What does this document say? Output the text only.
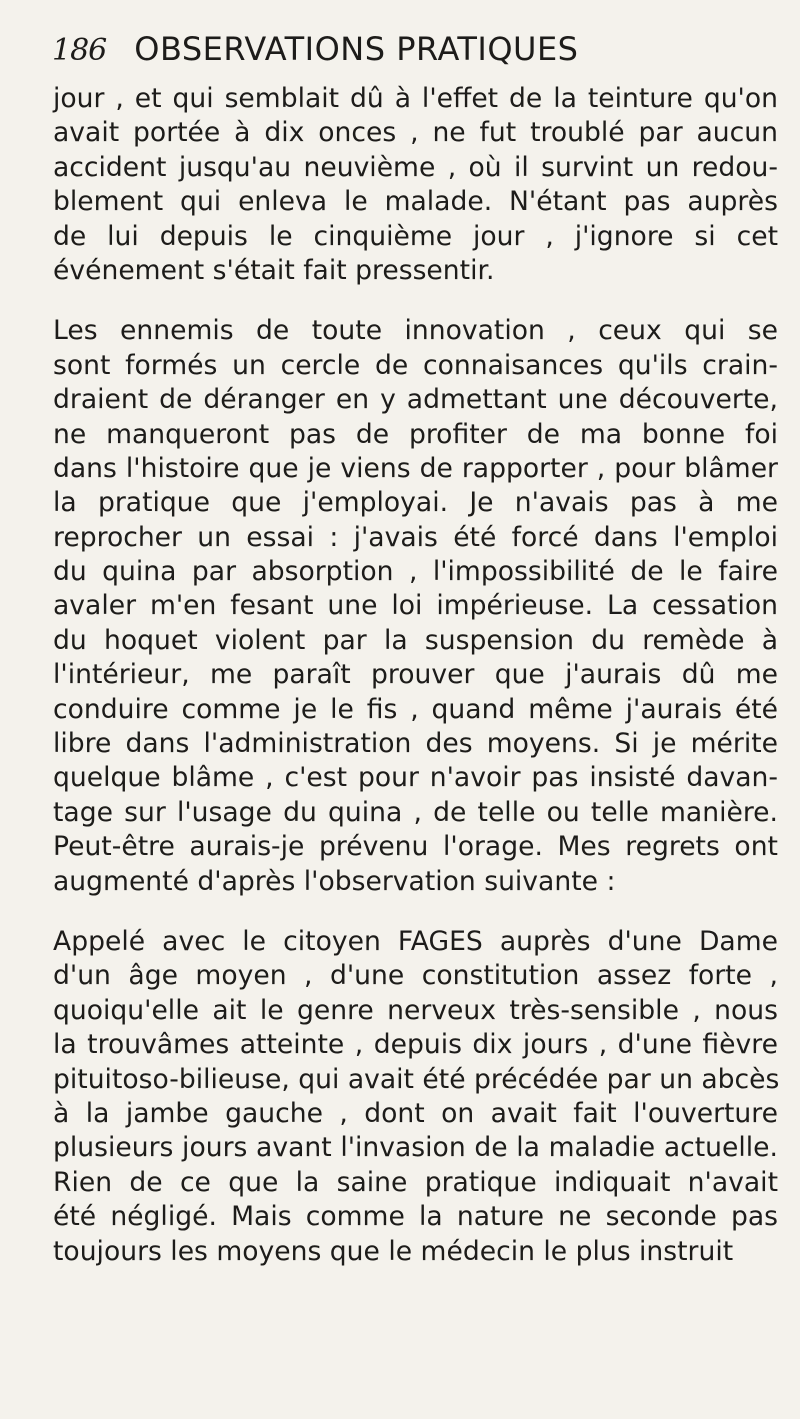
186 OBSERVATIONS PRATIQUES
jour , et qui semblait dû à l'effet de la teinture qu'on
avait portée à dix onces , ne fut troublé par aucun
accident jusqu'au neuvième , où il survint un redou-
blement qui enleva le malade. N'étant pas auprès
de lui depuis le cinquième jour , j'ignore si cet
événement s'était fait pressentir.
Les ennemis de toute innovation , ceux qui se
sont formés un cercle de connaisances qu'ils crain-
draient de déranger en y admettant une découverte,
ne manqueront pas de profiter de ma bonne foi
dans l'histoire que je viens de rapporter , pour blâmer
la pratique que j'employai. Je n'avais pas à me
reprocher un essai : j'avais été forcé dans l'emploi
du quina par absorption , l'impossibilité de le faire
avaler m'en fesant une loi impérieuse. La cessation
du hoquet violent par la suspension du remède à
l'intérieur, me paraît prouver que j'aurais dû me
conduire comme je le fis , quand même j'aurais été
libre dans l'administration des moyens. Si je mérite
quelque blâme , c'est pour n'avoir pas insisté davan-
tage sur l'usage du quina , de telle ou telle manière.
Peut-être aurais-je prévenu l'orage. Mes regrets ont
augmenté d'après l'observation suivante :
Appelé avec le citoyen FAGES auprès d'une Dame
d'un âge moyen , d'une constitution assez forte ,
quoiqu'elle ait le genre nerveux très-sensible , nous
la trouvâmes atteinte , depuis dix jours , d'une fièvre
pituitoso-bilieuse, qui avait été précédée par un abcès
à la jambe gauche , dont on avait fait l'ouverture
plusieurs jours avant l'invasion de la maladie actuelle.
Rien de ce que la saine pratique indiquait n'avait
été négligé. Mais comme la nature ne seconde pas
toujours les moyens que le médecin le plus instruit
